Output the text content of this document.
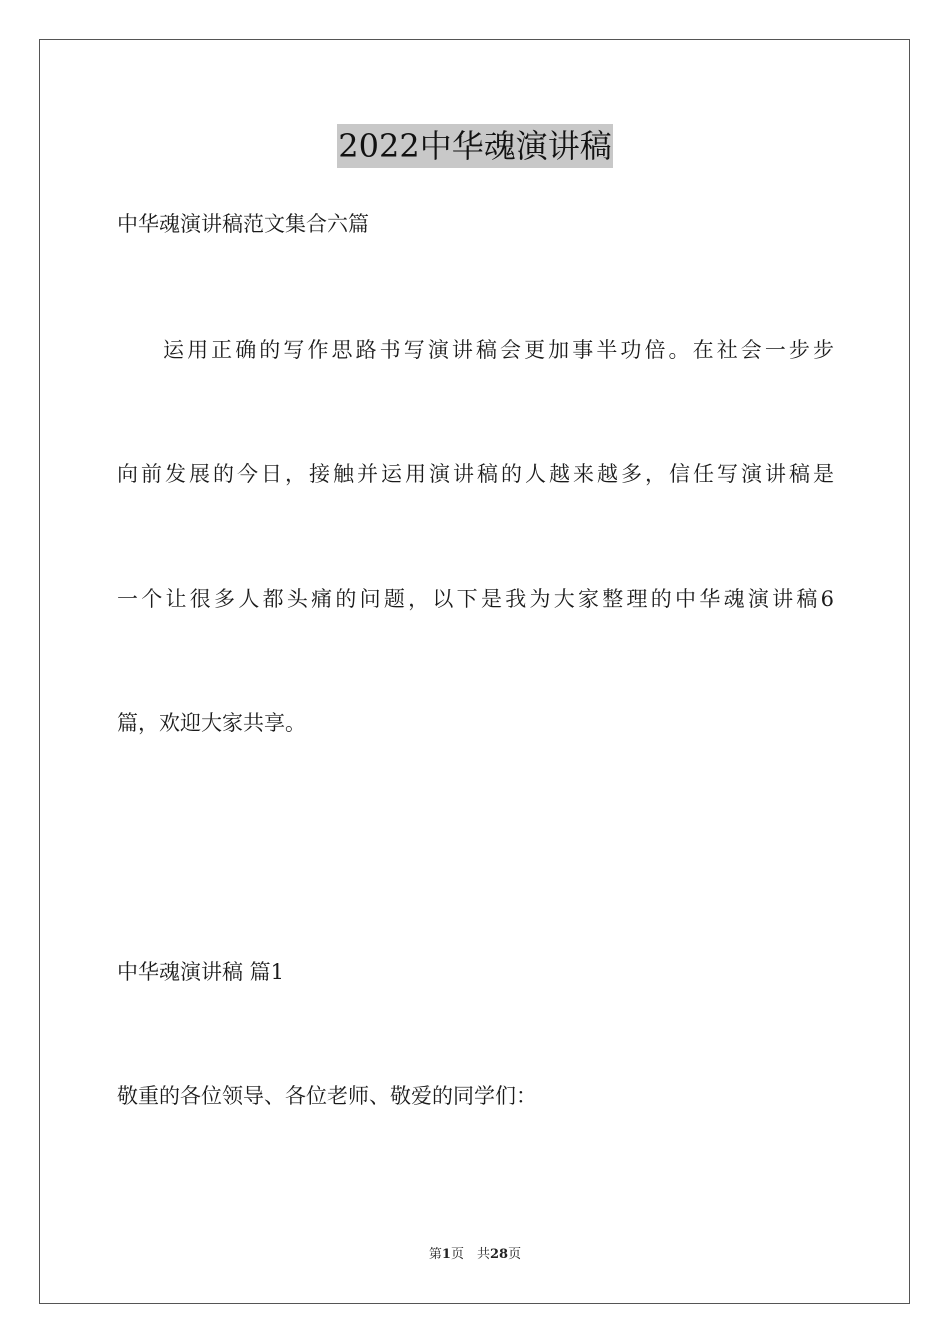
2022中华魂演讲稿
中华魂演讲稿范文集合六篇
运用正确的写作思路书写演讲稿会更加事半功倍。在社会一步步
向前发展的今日，接触并运用演讲稿的人越来越多，信任写演讲稿是
一个让很多人都头痛的问题，以下是我为大家整理的中华魂演讲稿6
篇，欢迎大家共享。
中华魂演讲稿 篇1
敬重的各位领导、各位老师、敬爱的同学们：
第1页　共28页
